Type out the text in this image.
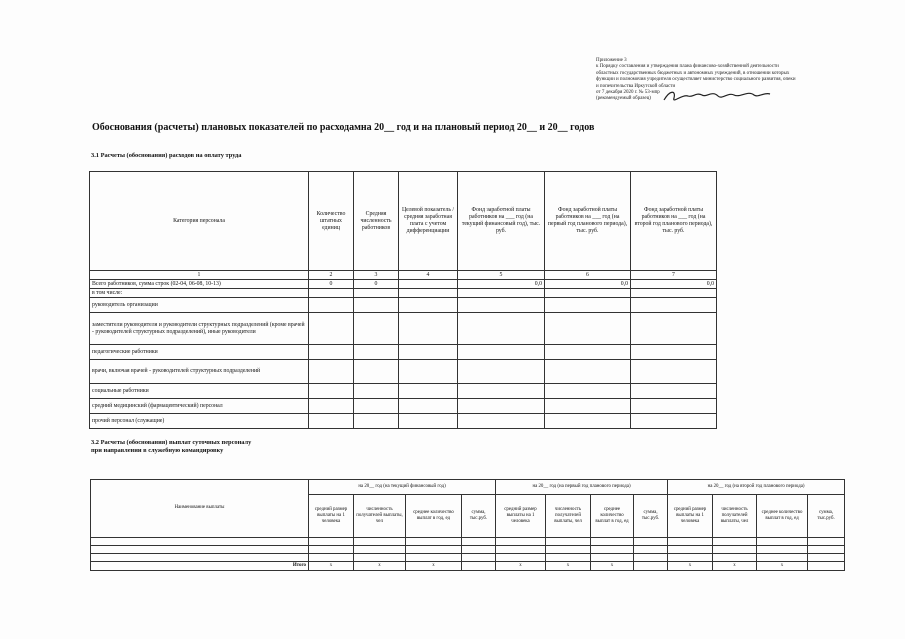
Приложение 3
к Порядку составления и утверждения плана финансово-хозяйственной деятельности
областных государственных бюджетных и автономных учреждений, в отношении которых
функции и полномочия учредителя осуществляет министерство социального развития, опеки
и попечительства Иркутской области
от 7 декабря 2020 г. № 53-мпр
(рекомендуемый образец)
Обоснования (расчеты) плановых показателей по расходамна 20__ год и на плановый период 20__ и 20__ годов
3.1 Расчеты (обоснования) расходов на оплату труда
Категория персонала	Количество штатных единиц	Средняя численность работников	Целевой показатель / средняя заработная плата с учетом дифференциации	Фонд заработной платы работников на ___ год (на текущий финансовый год), тыс. руб.	Фонд заработной платы работников на ___ год (на первый год планового периода), тыс. руб.	Фонд заработной платы работников на ___ год (на второй год планового периода), тыс. руб.
1	2	3	4	5	6	7
Всего работников, сумма строк (02-04, 06-08, 10-13)	0	0		0,0	0,0	0,0
в том числе:						
руководитель организации						
заместители руководителя и руководители структурных подразделений (кроме врачей - руководителей структурных подразделений), иные руководители						
педагогические работники						
врачи, включая врачей - руководителей структурных подразделений						
социальные работники						
средний медицинский (фармацевтический) персонал						
прочий персонал (служащие)						
3.2 Расчеты (обоснования) выплат суточных персоналу
при направлении в служебную командировку
Наименование выплаты	на 20__ год (на текущий финансовый год)				на 20__ год (на первый год планового периода)				на 20__ год (на второй год планового периода)			
	средний размер выплаты на 1 человека	численность получателей выплаты, чел	среднее количество выплат в год, ед	сумма, тыс.руб.	средний размер выплаты на 1 человека	численность получателей выплаты, чел	среднее количество выплат в год, ед	сумма, тыс.руб.	средний размер выплаты на 1 человека	численность получателей выплаты, чел	среднее количество выплат в год, ед	сумма, тыс.руб.

Итого	x	x	x		x	x	x		x	x	x	
